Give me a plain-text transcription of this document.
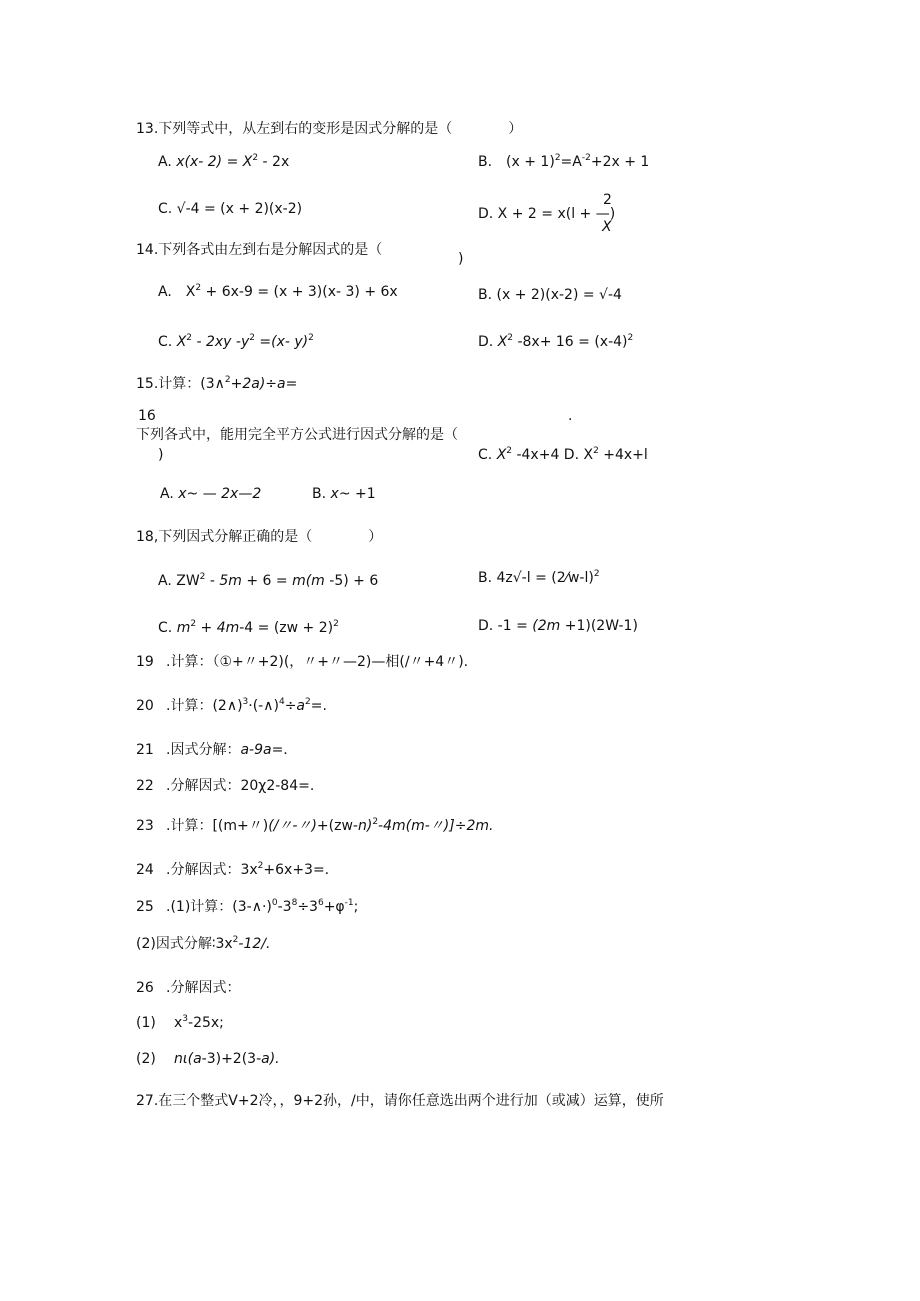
13.下列等式中，从左到右的变形是因式分解的是（　　　　）
A. x(x- $2) = X^2 - 2x$	B.　$(x + 1)^2=A^{-2}+2x + 1$
C. √-4 = (x + 2)(x-2)	D. X + 2 = x(l + —)
2
X
14.下列各式由左到右是分解因式的是（
)
A.　$X^2 + 6x-9 = (x + 3)(x-$ 3) + 6x	B. (x + 2)(x-2) = √-4
C. $X^2 - 2xy$ $-y^2 =(x-$ y)$^2$	D. $X^2$ $-8x+ 16 = (x-4)^2$
15.计算：(3∧$^2$+2a)÷a=
16	.
下列各式中，能用完全平方公式进行因式分解的是（
)	C. $X^2$ -4x+4 D. $X^2 +4x+l$
A. x~ — 2x—2	B. x~ +1
18,下列因式分解正确的是（　　　　）
A. $ZW^2 - 5m + 6 = m(m$ -5) + 6	B. 4z√-l = (2⁄w-l)$^2$
C. $m^2 + 4m-4 = (zw + 2)^2$	D. -1 = (2m +1)(2W-1)
19 .计算：（①+〃+2)(，〃+〃—2)—相(∕〃+4〃).
20 .计算：$(2\wedge)^3\cdot(-\wedge)^4\div a^2=$.
21 .因式分解：a-9a=.
22 .分解因式：20χ2-84=.
23 .计算：[(m+〃)(/〃-〃)$+(zw-n)^2-4m(m-$〃)]÷2m.
24 .分解因式：$3x^2+6x+3=$.
25 .(1)计算：$(3-\wedge\cdot)^0-3^8\div 3^6+\varphi^{-1}$;
(2)因式分解$∶3x^2-12∕$.
26 .分解因式：
(1) $x^3-25x$;
(2) nι(a-3)+2(3-a).
27.在三个整式V+2冷，，9+2孙，/中，请你任意选出两个进行加（或减）运算，使所
